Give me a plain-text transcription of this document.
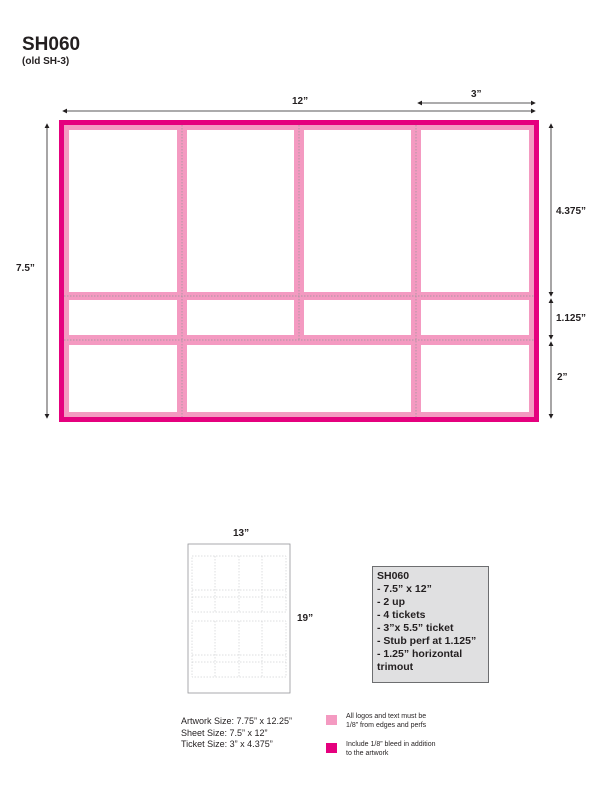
SH060
(old SH-3)
12”
3”
7.5”
4.375”
1.125”
2”
13”
19”
SH060
- 7.5” x 12”
- 2 up
- 4 tickets
- 3”x 5.5” ticket
- Stub perf at 1.125”
- 1.25” horizontal
trimout
Artwork Size: 7.75” x 12.25”
Sheet Size: 7.5” x 12”
Ticket Size: 3” x 4.375”
All logos and text must be
1/8” from edges and perfs
Include 1/8” bleed in addition
to the artwork
